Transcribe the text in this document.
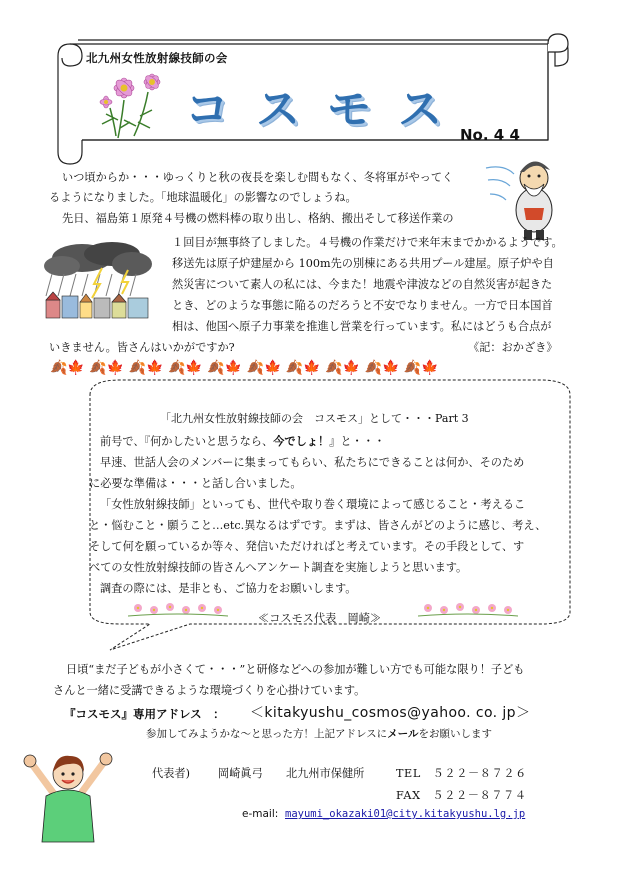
北九州女性放射線技師の会
コ ス モ ス	No. 4 4
いつ頃からか・・・ゆっくりと秋の夜長を楽しむ間もなく、冬将軍がやってく
るようになりました。「地球温暖化」の影響なのでしょうね。
先日、福島第１原発４号機の燃料棒の取り出し、格納、搬出そして移送作業の
１回目が無事終了しました。４号機の作業だけで来年末までかかるようです。
移送先は原子炉建屋から 100m先の別棟にある共用プール建屋。原子炉や自
然災害について素人の私には、今また！地震や津波などの自然災害が起きた
とき、どのような事態に陥るのだろうと不安でなりません。一方で日本国首
相は、他国へ原子力事業を推進し営業を行っています。私にはどうも合点が
いきません。皆さんはいかがですか?	《記：おかざき》
🍂🍁 🍂🍁 🍂🍁 🍂🍁 🍂🍁 🍂🍁 🍂🍁 🍂🍁 🍂🍁 🍂🍁
「北九州女性放射線技師の会　コスモス」として・・・Part 3
前号で、『何かしたいと思うなら、今でしょ！』と・・・
早速、世話人会のメンバーに集まってもらい、私たちにできることは何か、そのため
に必要な準備は・・・と話し合いました。
「女性放射線技師」といっても、世代や取り巻く環境によって感じること・考えるこ
と・悩むこと・願うこと…etc.異なるはずです。まずは、皆さんがどのように感じ、考え、
そして何を願っているか等々、発信いただければと考えています。その手段として、す
べての女性放射線技師の皆さんへアンケート調査を実施しようと思います。
調査の際には、是非とも、ご協力をお願いします。
≪コスモス代表　岡崎≫
日頃“まだ子どもが小さくて・・・”と研修などへの参加が難しい方でも可能な限り！子ども
さんと一緒に受講できるような環境づくりを心掛けています。
『コスモス』専用アドレス　： ＜kitakyushu_cosmos@yahoo. co. jp＞
参加してみようかな～と思った方！上記アドレスにメールをお願いします
代表者)	岡崎眞弓 北九州市保健所	TEL　５２２－８７２６
FAX　５２２－８７７４
e-mail: mayumi_okazaki01@city.kitakyushu.lg.jp
